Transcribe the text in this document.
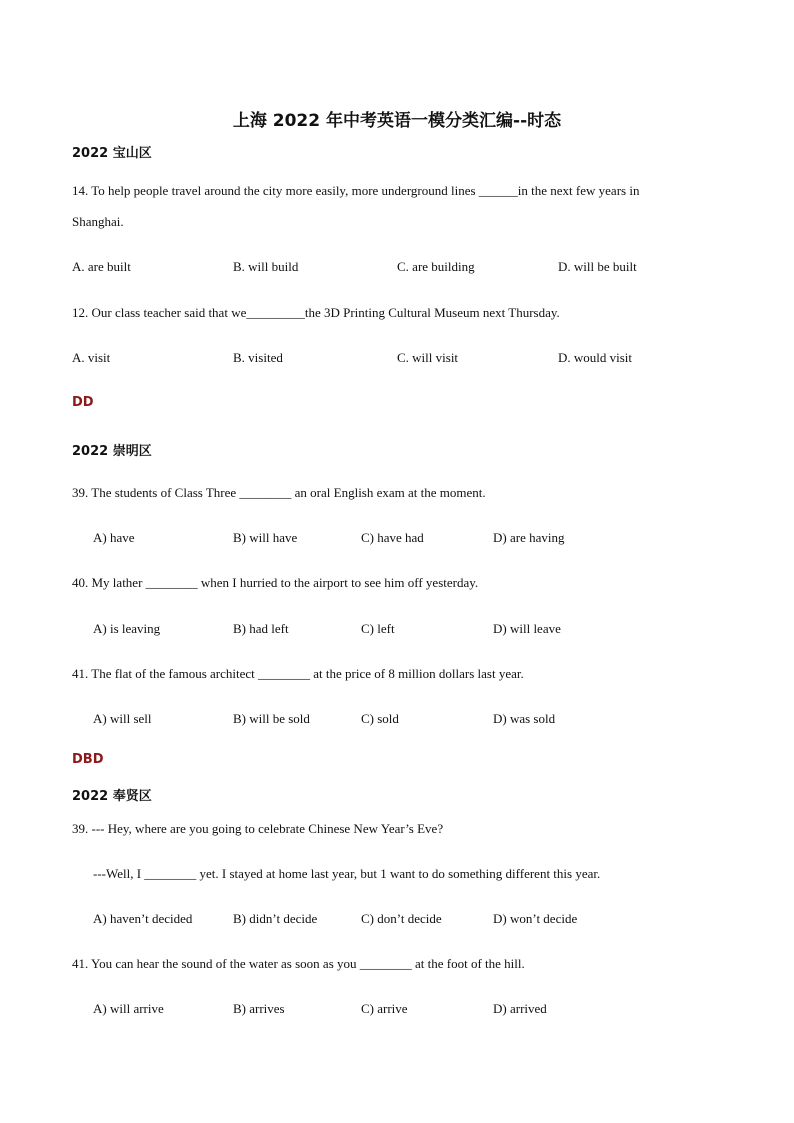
上海 2022 年中考英语一模分类汇编--时态
2022 宝山区
14. To help people travel around the city more easily, more underground lines ______in the next few years in
Shanghai.
A. are built	B. will build	C. are building	D. will be built
12. Our class teacher said that we_________the 3D Printing Cultural Museum next Thursday.
A. visit	B. visited	C. will visit	D. would visit
DD
2022 崇明区
39. The students of Class Three ________ an oral English exam at the moment.
A) have	B) will have	C) have had	D) are having
40. My lather ________ when I hurried to the airport to see him off yesterday.
A) is leaving	B) had left	C) left	D) will leave
41. The flat of the famous architect ________ at the price of 8 million dollars last year.
A) will sell	B) will be sold	C) sold	D) was sold
DBD
2022 奉贤区
39. --- Hey, where are you going to celebrate Chinese New Year’s Eve?
---Well, I ________ yet. I stayed at home last year, but 1 want to do something different this year.
A) haven’t decided	B) didn’t decide	C) don’t decide	D) won’t decide
41. You can hear the sound of the water as soon as you ________ at the foot of the hill.
A) will arrive	B) arrives	C) arrive	D) arrived
